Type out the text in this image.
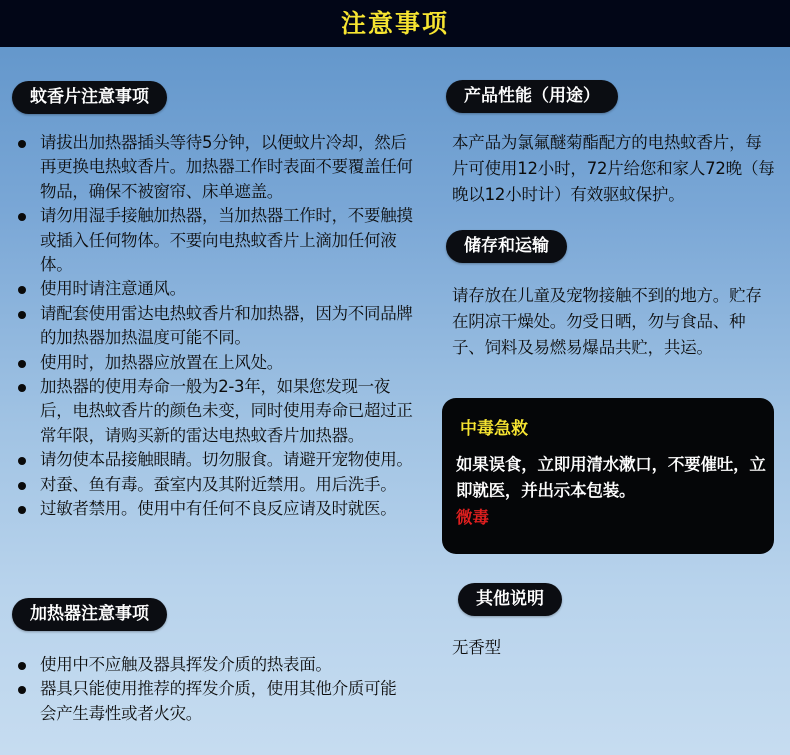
注意事项
蚊香片注意事项
请拔出加热器插头等待5分钟，以便蚊片冷却，然后再更换电热蚊香片。加热器工作时表面不要覆盖任何物品，确保不被窗帘、床单遮盖。
请勿用湿手接触加热器，当加热器工作时，不要触摸或插入任何物体。不要向电热蚊香片上滴加任何液体。
使用时请注意通风。
请配套使用雷达电热蚊香片和加热器，因为不同品牌的加热器加热温度可能不同。
使用时，加热器应放置在上风处。
加热器的使用寿命一般为2-3年，如果您发现一夜后，电热蚊香片的颜色未变，同时使用寿命已超过正常年限，请购买新的雷达电热蚊香片加热器。
请勿使本品接触眼睛。切勿服食。请避开宠物使用。
对蚕、鱼有毒。蚕室内及其附近禁用。用后洗手。
过敏者禁用。使用中有任何不良反应请及时就医。
加热器注意事项
使用中不应触及器具挥发介质的热表面。
器具只能使用推荐的挥发介质，使用其他介质可能会产生毒性或者火灾。
产品性能（用途）
本产品为氯氟醚菊酯配方的电热蚊香片，每片可使用12小时，72片给您和家人72晚（每晚以12小时计）有效驱蚊保护。
储存和运输
请存放在儿童及宠物接触不到的地方。贮存在阴凉干燥处。勿受日晒，勿与食品、种子、饲料及易燃易爆品共贮，共运。
中毒急救
如果误食，立即用清水漱口，不要催吐，立即就医，并出示本包装。
微毒
其他说明
无香型
